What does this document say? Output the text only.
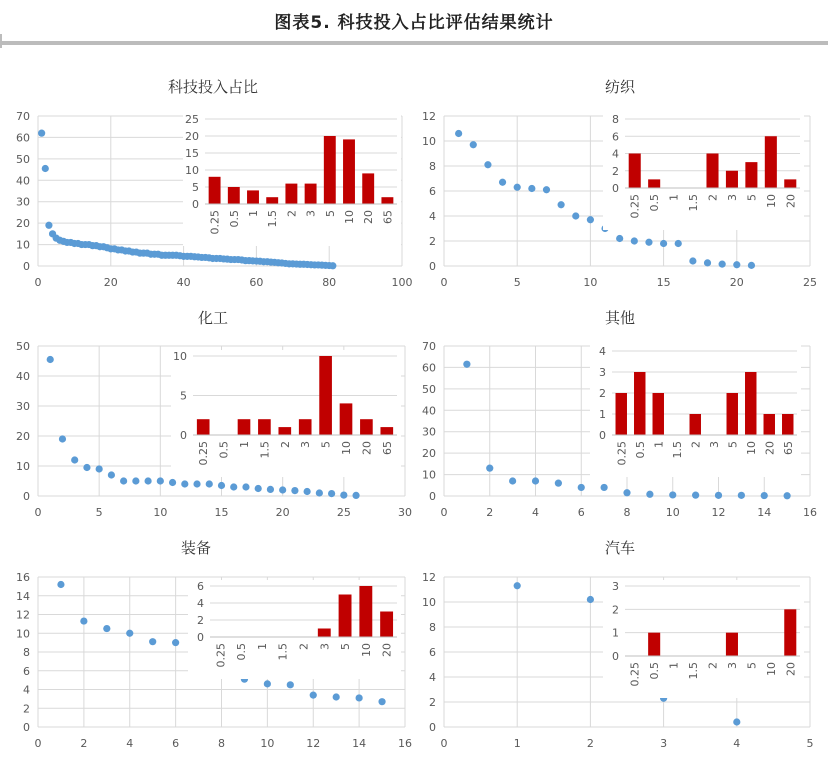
图表5. 科技投入占比评估结果统计
科技投入占比
0
10
20
30
40
50
60
70
0	20	40	60	80	100
0
5
10
15
20
25
0.25 0.5 1 1.5 2 3 5 10 20 65
纺织
0
2
4
6
8
10
12
0	5	10	15	20	25
0
2
4
6
8
0.25 0.5 1 1.5 2 3 5 10 20
化工
0
10
20
30
40
50
0	5	10	15	20	25	30
0
5
10
0.25 0.5 1 1.5 2 3 5 10 20 65
其他
0
10
20
30
40
50
60
70
0	2	4	6	8	10	12	14	16
0
1
2
3
4
0.25 0.5 1 1.5 2 3 5 10 20 65
装备
0
2
4
6
8
10
12
14
16
0	2	4	6	8	10	12	14	16
0
2
4
6
0.25 0.5 1 1.5 2 3 5 10 20
汽车
0
2
4
6
8
10
12
0	1	2	3	4	5
0
1
2
3
0.25 0.5 1 1.5 2 3 5 10 20
